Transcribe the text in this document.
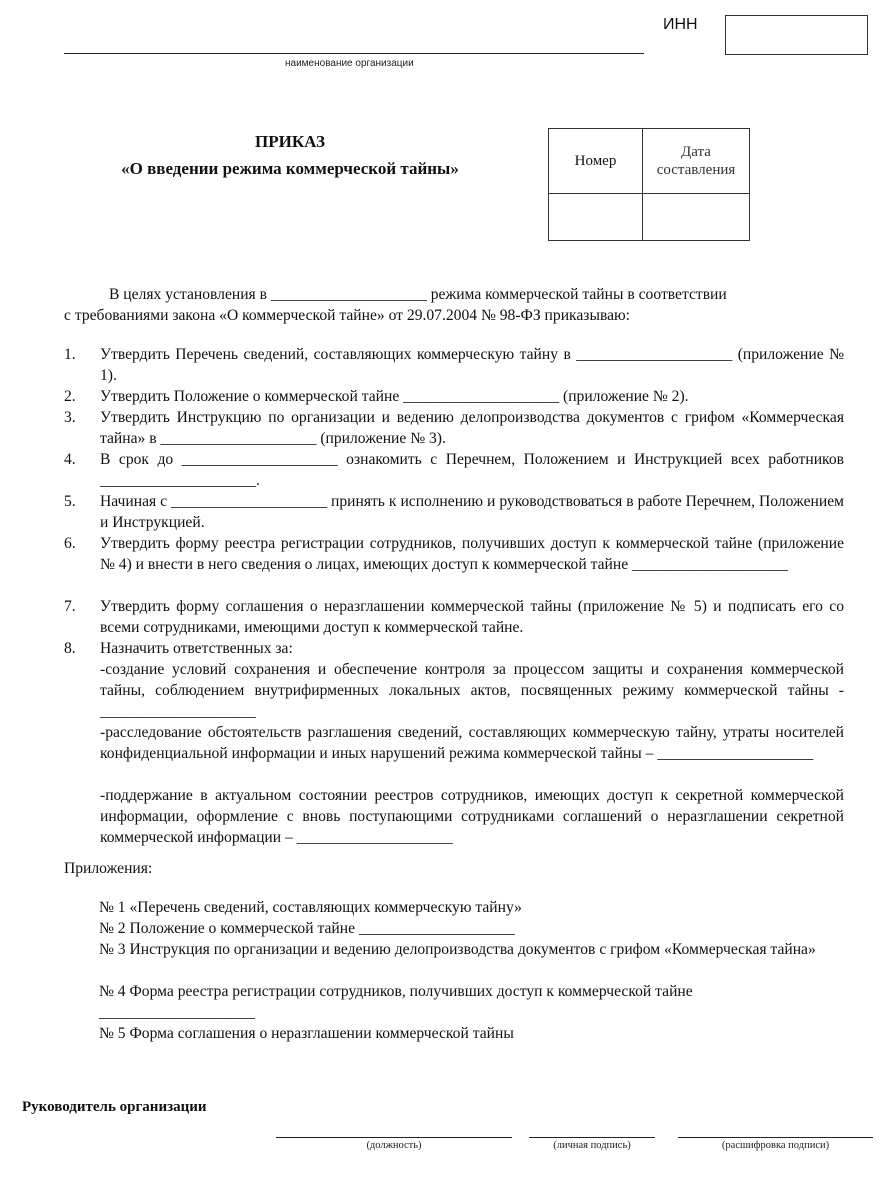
наименование организации
ИНН
ПРИКАЗ
«О введении режима коммерческой тайны»	Номер	Дата составления

В целях установления в ____________________ режима коммерческой тайны в соответствии
с требованиями закона «О коммерческой тайне» от 29.07.2004 № 98-ФЗ приказываю:
1.	Утвердить Перечень сведений, составляющих коммерческую тайну в ____________________ (приложение № 1).
2.	Утвердить Положение о коммерческой тайне ____________________ (приложение № 2).
3.	Утвердить Инструкцию по организации и ведению делопроизводства документов с грифом «Коммерческая тайна» в ____________________ (приложение № 3).
4.	В срок до ____________________ ознакомить с Перечнем, Положением и Инструкцией всех работников ____________________.
5.	Начиная с ____________________ принять к исполнению и руководствоваться в работе Перечнем, Положением и Инструкцией.
6.	Утвердить форму реестра регистрации сотрудников, получивших доступ к коммерческой тайне (приложение № 4) и внести в него сведения о лицах, имеющих доступ к коммерческой тайне ____________________
7.	Утвердить форму соглашения о неразглашении коммерческой тайны (приложение № 5) и подписать его со всеми сотрудниками, имеющими доступ к коммерческой тайне.
8.	Назначить ответственных за:
-создание условий сохранения и обеспечение контроля за процессом защиты и сохранения коммерческой тайны, соблюдением внутрифирменных локальных актов, посвященных режиму коммерческой тайны - ____________________
-расследование обстоятельств разглашения сведений, составляющих коммерческую тайну, утраты носителей конфиденциальной информации и иных нарушений режима коммерческой тайны – ____________________
-поддержание в актуальном состоянии реестров сотрудников, имеющих доступ к секретной коммерческой информации, оформление с вновь поступающими сотрудниками соглашений о неразглашении секретной коммерческой информации – ____________________
Приложения:
№ 1 «Перечень сведений, составляющих коммерческую тайну»
№ 2 Положение о коммерческой тайне ____________________
№ 3 Инструкция по организации и ведению делопроизводства документов с грифом «Коммерческая тайна»
№ 4 Форма реестра регистрации сотрудников, получивших доступ к коммерческой тайне ____________________
№ 5 Форма соглашения о неразглашении коммерческой тайны
Руководитель организации
(должность)	(личная подпись)	(расшифровка подписи)
